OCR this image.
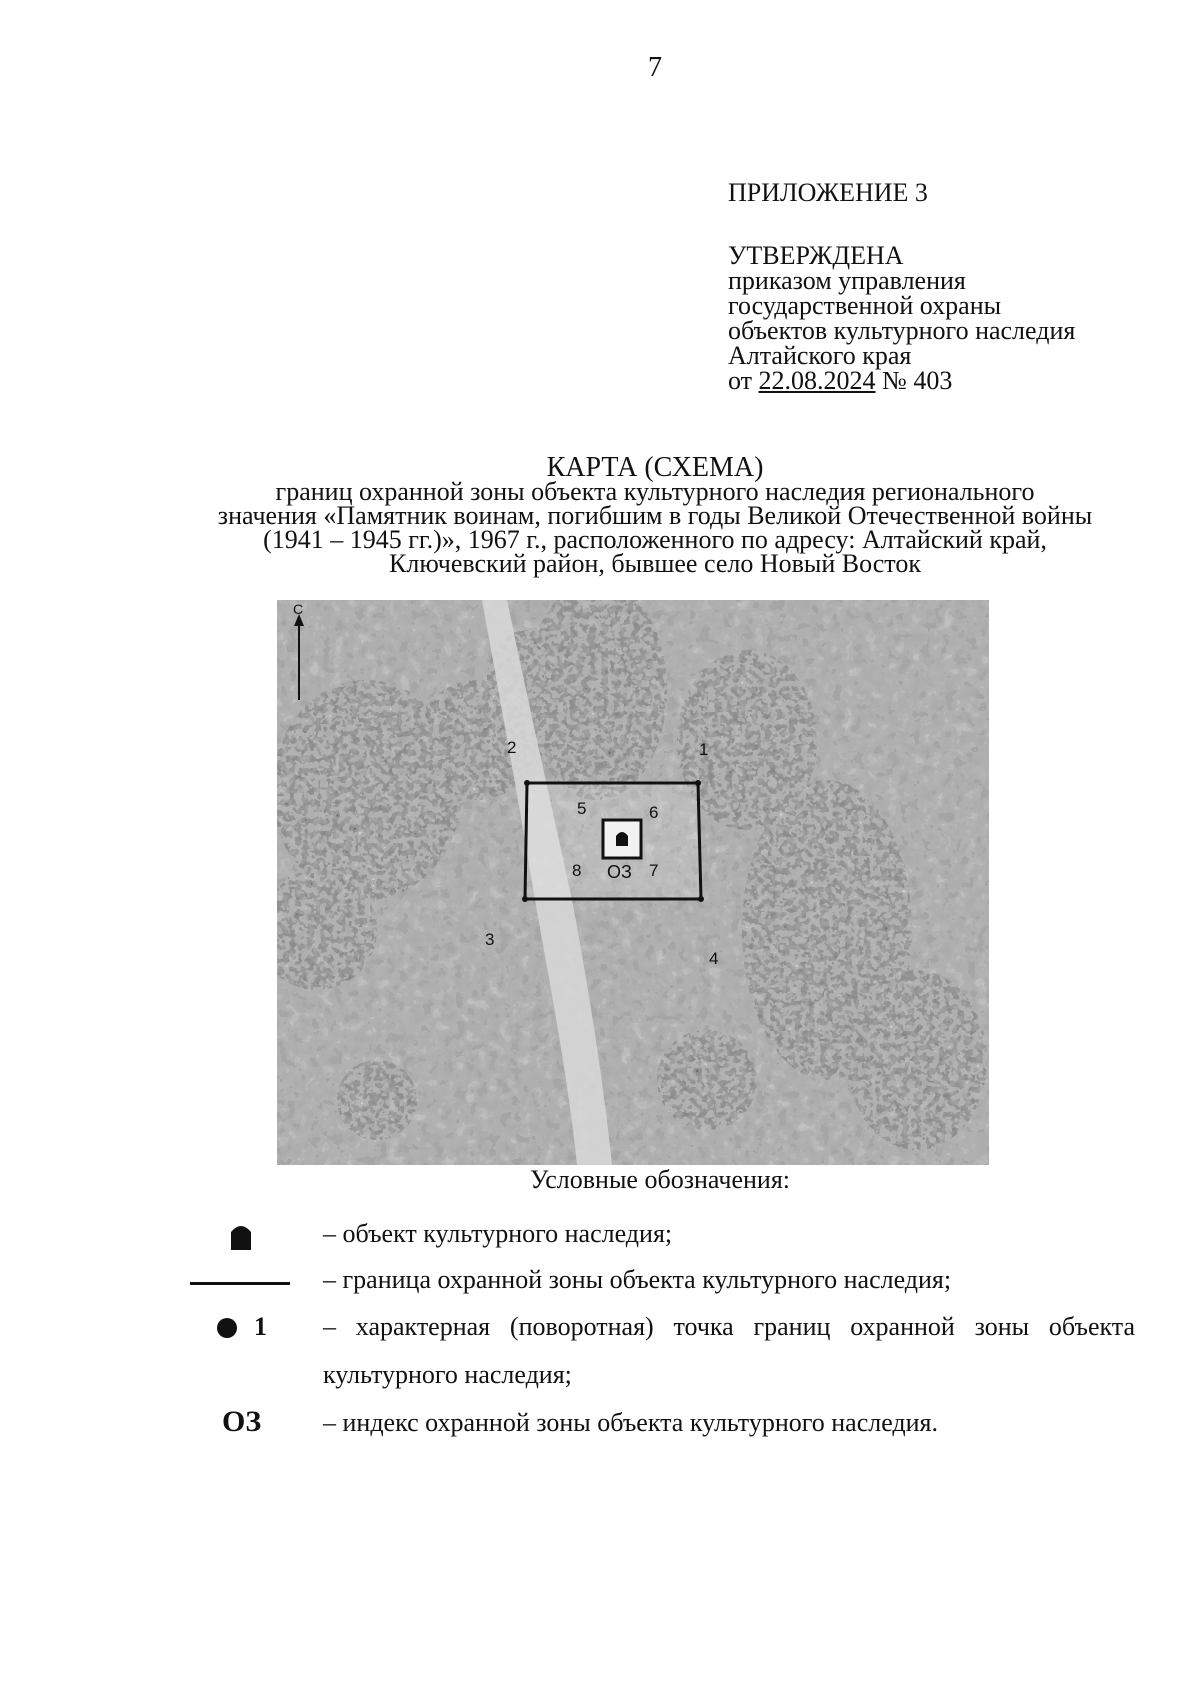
7
ПРИЛОЖЕНИЕ 3
УТВЕРЖДЕНА
приказом управления
государственной охраны
объектов культурного наследия
Алтайского края
от 22.08.2024 № 403
КАРТА (СХЕМА)
границ охранной зоны объекта культурного наследия регионального
значения «Памятник воинам, погибшим в годы Великой Отечественной войны
(1941 – 1945 гг.)», 1967 г., расположенного по адресу: Алтайский край,
Ключевский район, бывшее село Новый Восток
С
5	6
7
8 ОЗ
2	1
3
4
Условные обозначения:
– объект культурного наследия;
– граница охранной зоны объекта культурного наследия;
1 – характерная (поворотная) точка границ охранной зоны объекта
культурного наследия;
ОЗ – индекс охранной зоны объекта культурного наследия.
